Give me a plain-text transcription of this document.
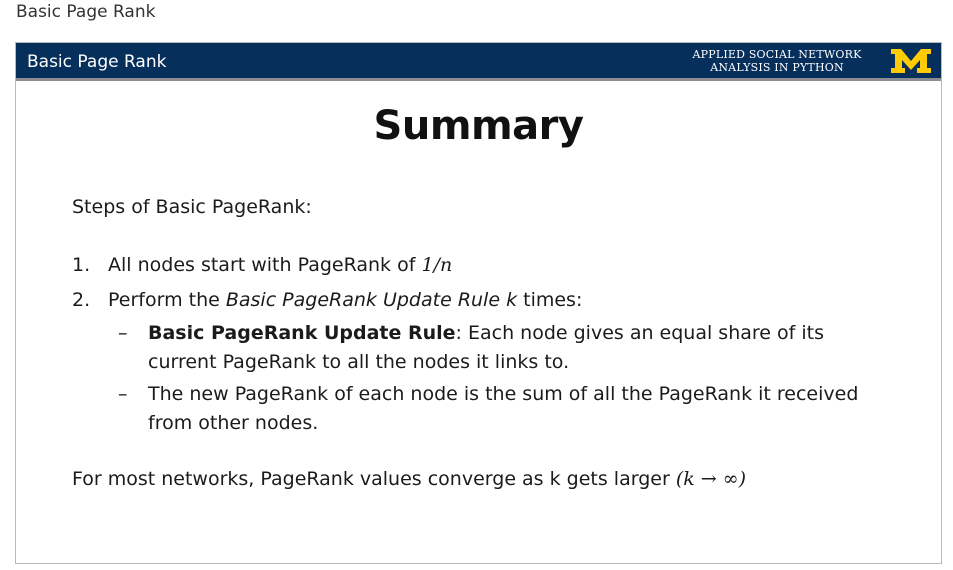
Basic Page Rank
Basic Page Rank	APPLIED SOCIAL NETWORK
ANALYSIS IN PYTHON
Summary
Steps of Basic PageRank:
1. All nodes start with PageRank of 1/n
2. Perform the Basic PageRank Update Rule k times:
– Basic PageRank Update Rule: Each node gives an equal share of its current PageRank to all the nodes it links to.
– The new PageRank of each node is the sum of all the PageRank it received from other nodes.
For most networks, PageRank values converge as k gets larger (k → ∞)
